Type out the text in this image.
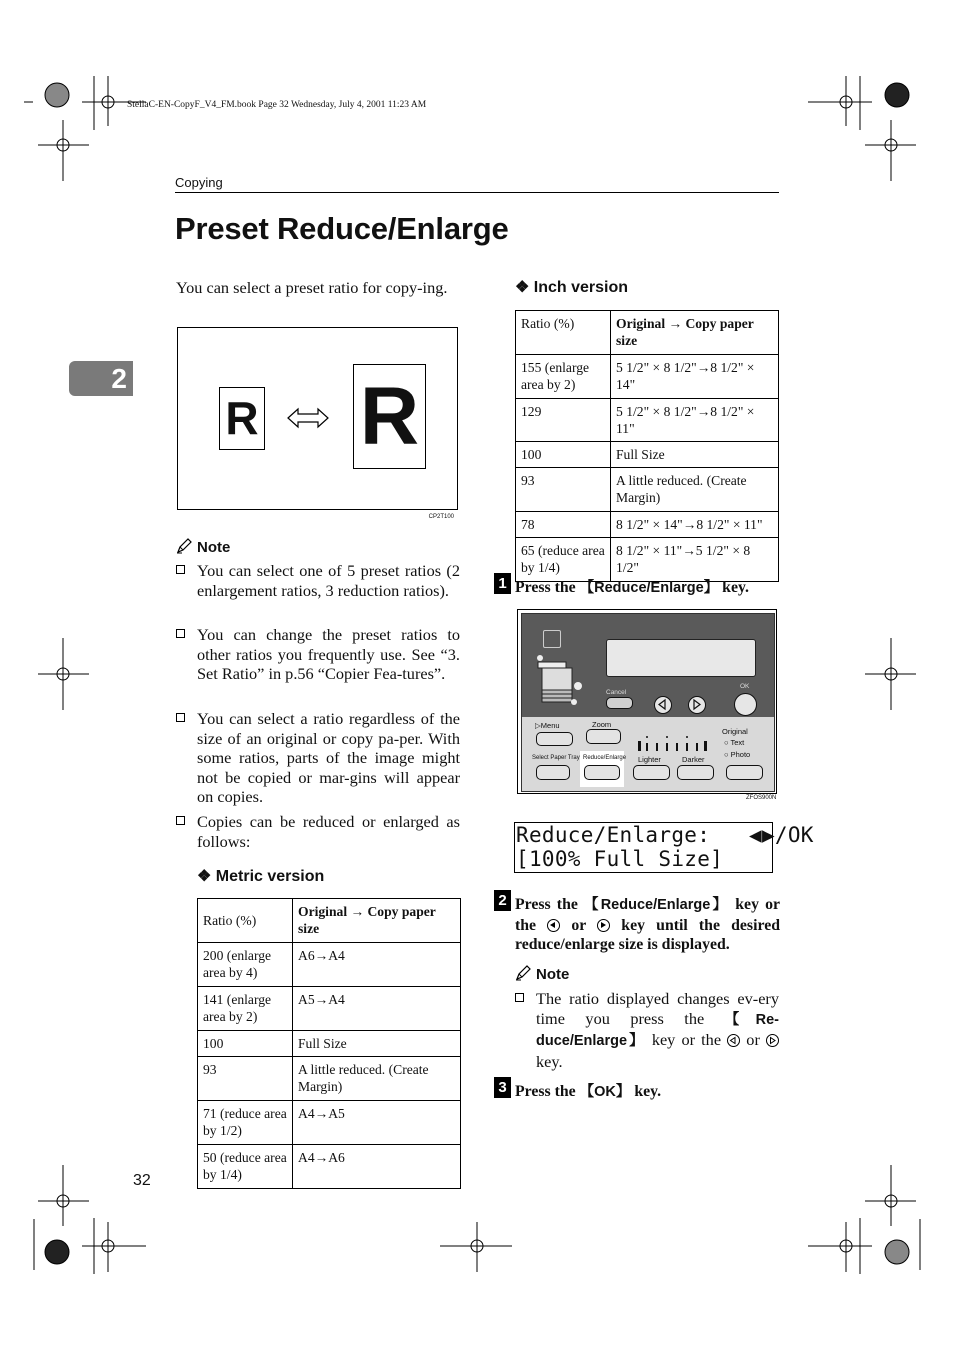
StellaC-EN-CopyF_V4_FM.book Page 32 Wednesday, July 4, 2001 11:23 AM
Copying
Preset Reduce/Enlarge
2
You can select a preset ratio for copy-ing.
R R
CP2T100
Note
You can select one of 5 preset ratios (2 enlargement ratios, 3 reduction ratios).
You can change the preset ratios to other ratios you frequently use. See “3. Set Ratio” in p.56 “Copier Fea-tures”.
You can select a ratio regardless of the size of an original or copy pa-per. With some ratios, parts of the image might not be copied or mar-gins will appear on copies.
Copies can be reduced or enlarged as follows:
❖ Metric version
Ratio (%)	Original → Copy paper size
200 (enlarge area by 4)	A6→A4
141 (enlarge area by 2)	A5→A4
100	Full Size
93	A little reduced. (Create Margin)
71 (reduce area by 1/2)	A4→A5
50 (reduce area by 1/4)	A4→A6
32
❖ Inch version
Ratio (%)	Original → Copy paper size
155 (enlarge area by 2)	5 1/2" × 8 1/2"→8 1/2" × 14"
129	5 1/2" × 8 1/2"→8 1/2" × 11"
100	Full Size
93	A little reduced. (Create Margin)
78	8 1/2" × 14"→8 1/2" × 11"
65 (reduce area by 1/4)	8 1/2" × 11"→5 1/2" × 8 1/2"
1 Press the 【Reduce/Enlarge】 key.
Cancel
OK
▷Menu	Zoom
Original
○ Text
○ Photo
Select Paper Tray Reduce/Enlarge Lighter	Darker
ZFOS900N
Reduce/Enlarge: ◀▶/OK
[100% Full Size]
2 Press the 【Reduce/Enlarge】 key or the
or
key until the desired reduce/enlarge size is displayed.
Note
The ratio displayed changes ev-ery time you press the 【Re-duce/Enlarge】 key or the
or
key.
3 Press the 【OK】 key.
